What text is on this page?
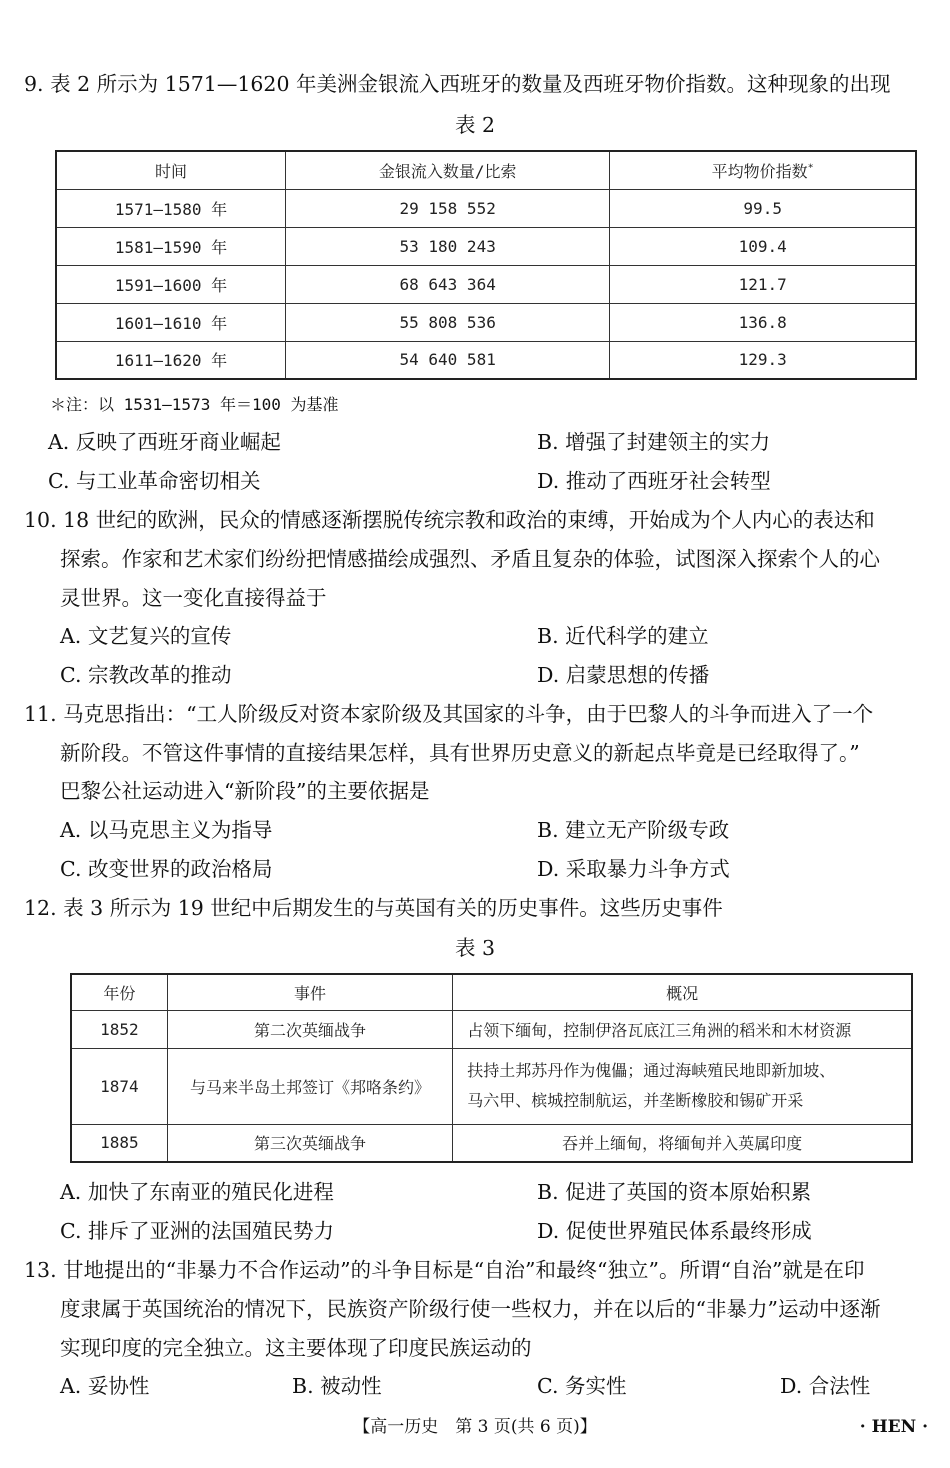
9. 表 2 所示为 1571—1620 年美洲金银流入西班牙的数量及西班牙物价指数。这种现象的出现
表 2
时间	金银流入数量/比索	平均物价指数*
1571—1580 年	29 158 552	99.5
1581—1590 年	53 180 243	109.4
1591—1600 年	68 643 364	121.7
1601—1610 年	55 808 536	136.8
1611—1620 年	54 640 581	129.3
＊注：以 1531—1573 年＝100 为基准
A. 反映了西班牙商业崛起	B. 增强了封建领主的实力
C. 与工业革命密切相关	D. 推动了西班牙社会转型
10. 18 世纪的欧洲，民众的情感逐渐摆脱传统宗教和政治的束缚，开始成为个人内心的表达和
探索。作家和艺术家们纷纷把情感描绘成强烈、矛盾且复杂的体验，试图深入探索个人的心
灵世界。这一变化直接得益于
A. 文艺复兴的宣传	B. 近代科学的建立
C. 宗教改革的推动	D. 启蒙思想的传播
11. 马克思指出：“工人阶级反对资本家阶级及其国家的斗争，由于巴黎人的斗争而进入了一个
新阶段。不管这件事情的直接结果怎样，具有世界历史意义的新起点毕竟是已经取得了。”
巴黎公社运动进入“新阶段”的主要依据是
A. 以马克思主义为指导	B. 建立无产阶级专政
C. 改变世界的政治格局	D. 采取暴力斗争方式
12. 表 3 所示为 19 世纪中后期发生的与英国有关的历史事件。这些历史事件
表 3
年份	事件	概况
1852	第二次英缅战争	占领下缅甸，控制伊洛瓦底江三角洲的稻米和木材资源
1874	与马来半岛土邦签订《邦咯条约》	扶持土邦苏丹作为傀儡；通过海峡殖民地即新加坡、
马六甲、槟城控制航运，并垄断橡胶和锡矿开采

1885	第三次英缅战争	吞并上缅甸，将缅甸并入英属印度
A. 加快了东南亚的殖民化进程	B. 促进了英国的资本原始积累
C. 排斥了亚洲的法国殖民势力	D. 促使世界殖民体系最终形成
13. 甘地提出的“非暴力不合作运动”的斗争目标是“自治”和最终“独立”。所谓“自治”就是在印
度隶属于英国统治的情况下，民族资产阶级行使一些权力，并在以后的“非暴力”运动中逐渐
实现印度的完全独立。这主要体现了印度民族运动的
A. 妥协性	B. 被动性	C. 务实性	D. 合法性
【高一历史　第 3 页(共 6 页)】	· HEN ·
